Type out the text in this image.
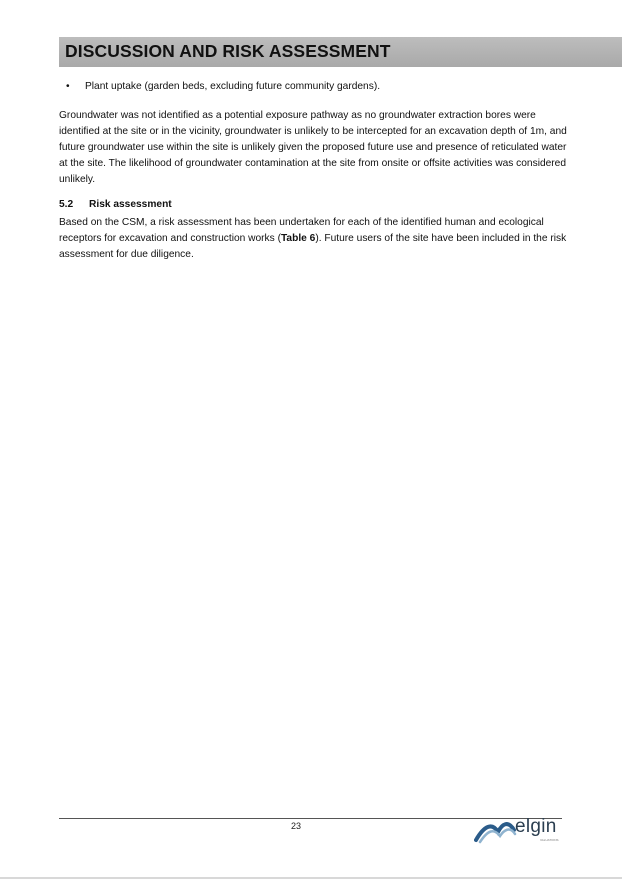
DISCUSSION AND RISK ASSESSMENT
• Plant uptake (garden beds, excluding future community gardens).

Groundwater was not identified as a potential exposure pathway as no groundwater extraction bores were identified at the site or in the vicinity, groundwater is unlikely to be intercepted for an excavation depth of 1m, and future groundwater use within the site is unlikely given the proposed future use and presence of reticulated water at the site. The likelihood of groundwater contamination at the site from onsite or offsite activities was considered unlikely.

5.2 Risk assessment

Based on the CSM, a risk assessment has been undertaken for each of the identified human and ecological receptors for excavation and construction works (Table 6). Future users of the site have been included in the risk assessment for due diligence.

23	elgin
VALUATIONS
